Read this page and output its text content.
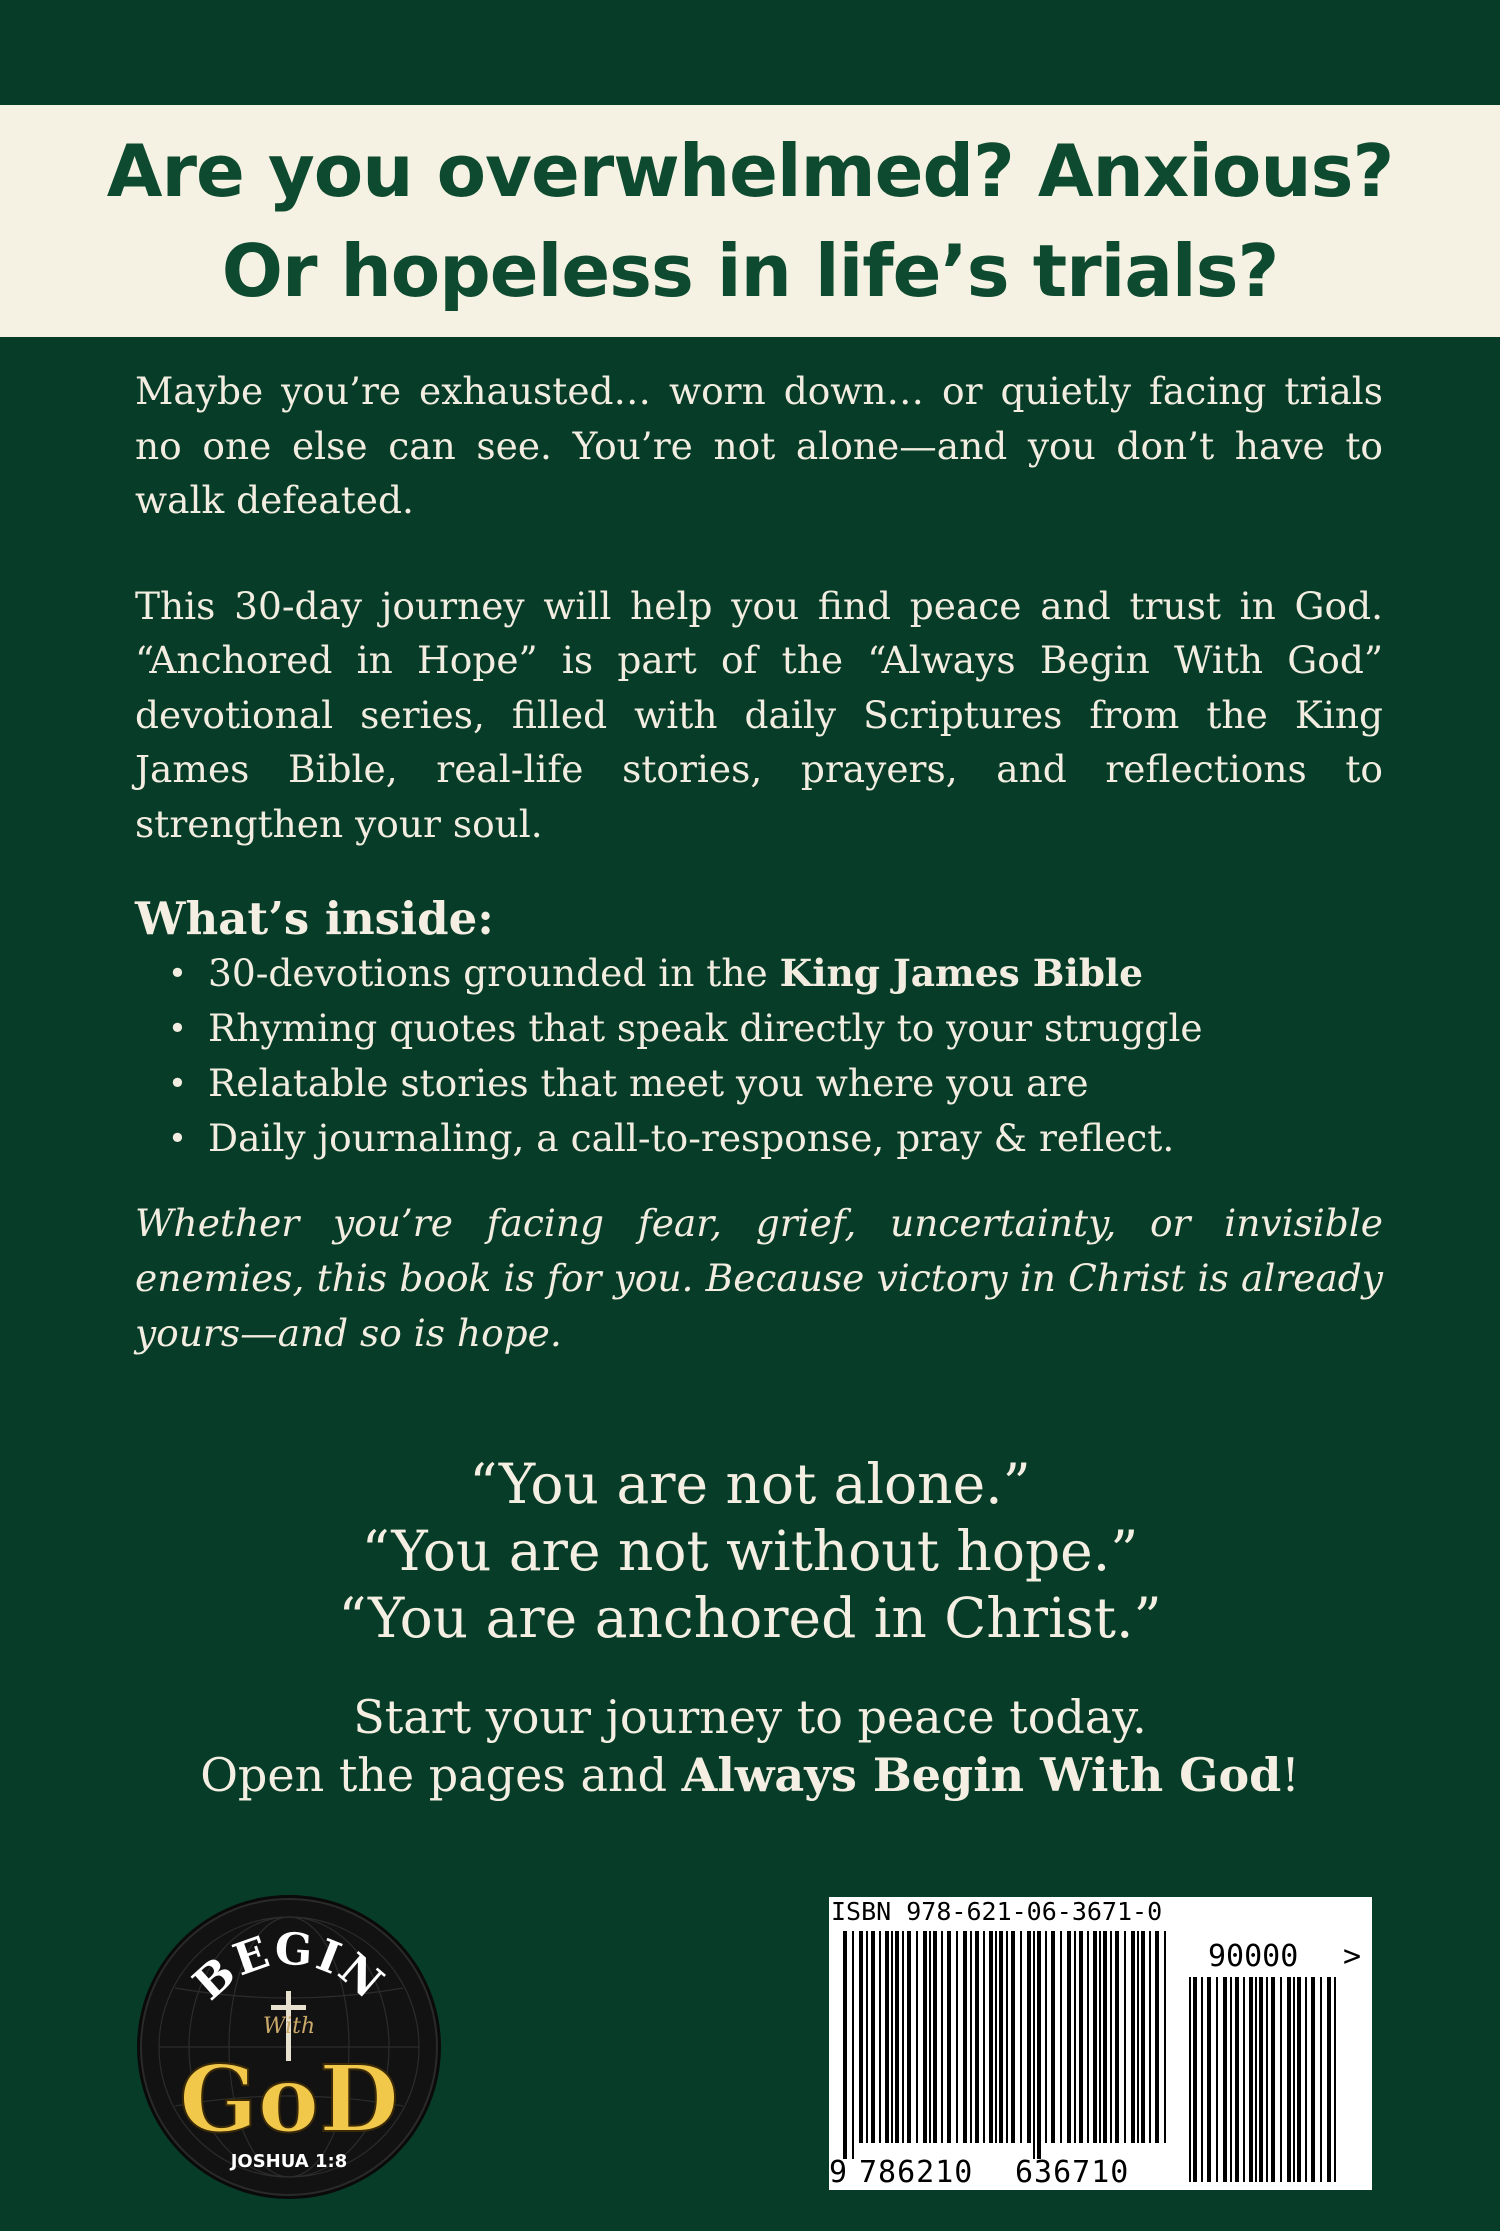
Are you overwhelmed? Anxious?
Or hopeless in life’s trials?

Maybe you’re exhausted… worn down… or quietly facing trials no one else can see. You’re not alone—and you don’t have to walk defeated.

This 30-day journey will help you find peace and trust in God. “Anchored in Hope” is part of the “Always Begin With God” devotional series, filled with daily Scriptures from the King James Bible, real-life stories, prayers, and reflections to strengthen your soul.

What’s inside:
• 30-devotions grounded in the King James Bible
• Rhyming quotes that speak directly to your struggle
• Relatable stories that meet you where you are
• Daily journaling, a call-to-response, pray & reflect.

Whether you’re facing fear, grief, uncertainty, or invisible enemies, this book is for you. Because victory in Christ is already yours—and so is hope.

“You are not alone.”
“You are not without hope.”
“You are anchored in Christ.”
Start your journey to peace today.
Open the pages and Always Begin With God!
BEGIN
With
GoD
JOSHUA 1:8
ISBN 978-621-06-3671-0
90000 >
9 786210 636710
